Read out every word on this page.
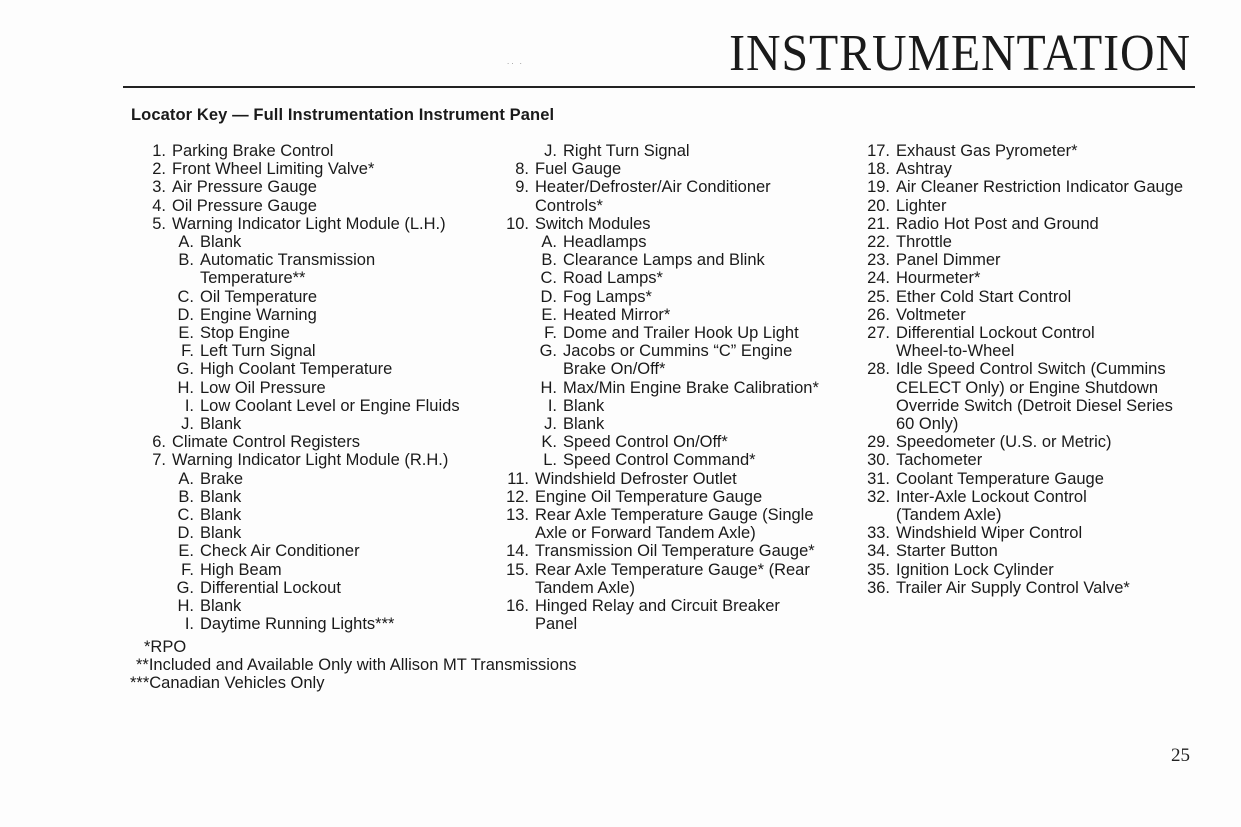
.. .	INSTRUMENTATION
Locator Key — Full Instrumentation Instrument Panel
1. Parking Brake Control
2. Front Wheel Limiting Valve*
3. Air Pressure Gauge
4. Oil Pressure Gauge
5. Warning Indicator Light Module (L.H.)
A. Blank
B. Automatic Transmission
Temperature**
C. Oil Temperature
D. Engine Warning
E. Stop Engine
F. Left Turn Signal
G. High Coolant Temperature
H. Low Oil Pressure
I. Low Coolant Level or Engine Fluids
J. Blank
6. Climate Control Registers
7. Warning Indicator Light Module (R.H.)
A. Brake
B. Blank
C. Blank
D. Blank
E. Check Air Conditioner
F. High Beam
G. Differential Lockout
H. Blank
I. Daytime Running Lights***
J. Right Turn Signal
8. Fuel Gauge
9. Heater/Defroster/Air Conditioner
Controls*
10. Switch Modules
A. Headlamps
B. Clearance Lamps and Blink
C. Road Lamps*
D. Fog Lamps*
E. Heated Mirror*
F. Dome and Trailer Hook Up Light
G. Jacobs or Cummins “C” Engine
Brake On/Off*
H. Max/Min Engine Brake Calibration*
I. Blank
J. Blank
K. Speed Control On/Off*
L. Speed Control Command*
11. Windshield Defroster Outlet
12. Engine Oil Temperature Gauge
13. Rear Axle Temperature Gauge (Single
Axle or Forward Tandem Axle)
14. Transmission Oil Temperature Gauge*
15. Rear Axle Temperature Gauge* (Rear
Tandem Axle)
16. Hinged Relay and Circuit Breaker
Panel
17. Exhaust Gas Pyrometer*
18. Ashtray
19. Air Cleaner Restriction Indicator Gauge
20. Lighter
21. Radio Hot Post and Ground
22. Throttle
23. Panel Dimmer
24. Hourmeter*
25. Ether Cold Start Control
26. Voltmeter
27. Differential Lockout Control
Wheel-to-Wheel
28. Idle Speed Control Switch (Cummins
CELECT Only) or Engine Shutdown
Override Switch (Detroit Diesel Series
60 Only)
29. Speedometer (U.S. or Metric)
30. Tachometer
31. Coolant Temperature Gauge
32. Inter-Axle Lockout Control
(Tandem Axle)
33. Windshield Wiper Control
34. Starter Button
35. Ignition Lock Cylinder
36. Trailer Air Supply Control Valve*
*RPO
**Included and Available Only with Allison MT Transmissions
***Canadian Vehicles Only
25
